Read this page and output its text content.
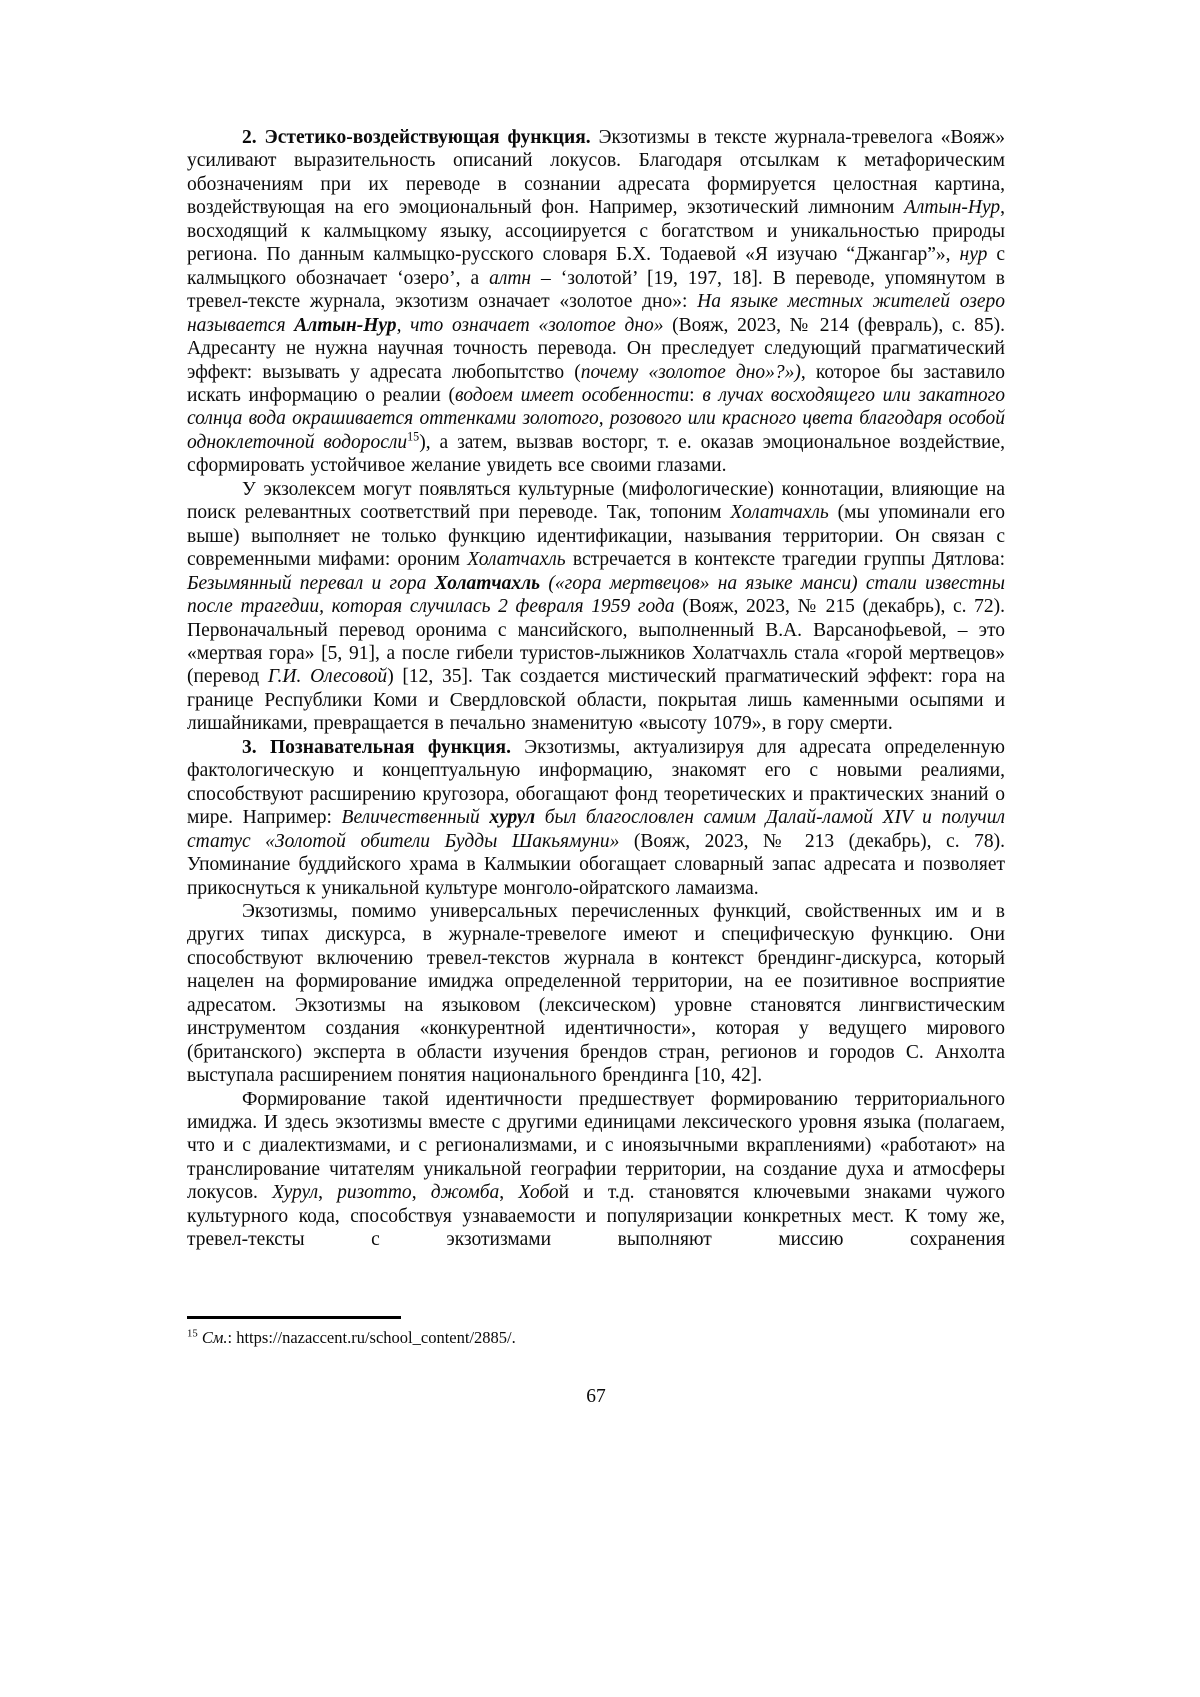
2. Эстетико-воздействующая функция. Экзотизмы в тексте журнала-тревелога «Вояж» усиливают выразительность описаний локусов. Благодаря отсылкам к метафорическим обозначениям при их переводе в сознании адресата формируется целостная картина, воздействующая на его эмоциональный фон. Например, экзотический лимноним Алтын-Нур, восходящий к калмыцкому языку, ассоциируется с богатством и уникальностью природы региона. По данным калмыцко-русского словаря Б.Х. Тодаевой «Я изучаю “Джангар”», нур с калмыцкого обозначает ‘озеро’, а алтн – ‘золотой’ [19, 197, 18]. В переводе, упомянутом в тревел-тексте журнала, экзотизм означает «золотое дно»: На языке местных жителей озеро называется Алтын-Нур, что означает «золотое дно» (Вояж, 2023, № 214 (февраль), с. 85). Адресанту не нужна научная точность перевода. Он преследует следующий прагматический эффект: вызывать у адресата любопытство (почему «золотое дно»?»), которое бы заставило искать информацию о реалии (водоем имеет особенности: в лучах восходящего или закатного солнца вода окрашивается оттенками золотого, розового или красного цвета благодаря особой одноклеточной водоросли$^{15}$), а затем, вызвав восторг, т. е. оказав эмоциональное воздействие, сформировать устойчивое желание увидеть все своими глазами.

У экзолексем могут появляться культурные (мифологические) коннотации, влияющие на поиск релевантных соответствий при переводе. Так, топоним Холатчахль (мы упоминали его выше) выполняет не только функцию идентификации, называния территории. Он связан с современными мифами: ороним Холатчахль встречается в контексте трагедии группы Дятлова: Безымянный перевал и гора Холатчахль («гора мертвецов» на языке манси) стали известны после трагедии, которая случилась 2 февраля 1959 года (Вояж, 2023, № 215 (декабрь), с. 72). Первоначальный перевод оронима с мансийского, выполненный В.А. Варсанофьевой, – это «мертвая гора» [5, 91], а после гибели туристов-лыжников Холатчахль стала «горой мертвецов» (перевод Г.И. Олесовой) [12, 35]. Так создается мистический прагматический эффект: гора на границе Республики Коми и Свердловской области, покрытая лишь каменными осыпями и лишайниками, превращается в печально знаменитую «высоту 1079», в гору смерти.

3. Познавательная функция. Экзотизмы, актуализируя для адресата определенную фактологическую и концептуальную информацию, знакомят его с новыми реалиями, способствуют расширению кругозора, обогащают фонд теоретических и практических знаний о мире. Например: Величественный хурул был благословлен самим Далай-ламой XIV и получил статус «Золотой обители Будды Шакьямуни» (Вояж, 2023, № 213 (декабрь), с. 78). Упоминание буддийского храма в Калмыкии обогащает словарный запас адресата и позволяет прикоснуться к уникальной культуре монголо-ойратского ламаизма.

Экзотизмы, помимо универсальных перечисленных функций, свойственных им и в других типах дискурса, в журнале-тревелоге имеют и специфическую функцию. Они способствуют включению тревел-текстов журнала в контекст брендинг-дискурса, который нацелен на формирование имиджа определенной территории, на ее позитивное восприятие адресатом. Экзотизмы на языковом (лексическом) уровне становятся лингвистическим инструментом создания «конкурентной идентичности», которая у ведущего мирового (британского) эксперта в области изучения брендов стран, регионов и городов С. Анхолта выступала расширением понятия национального брендинга [10, 42].

Формирование такой идентичности предшествует формированию территориального имиджа. И здесь экзотизмы вместе с другими единицами лексического уровня языка (полагаем, что и с диалектизмами, и с регионализмами, и с иноязычными вкраплениями) «работают» на транслирование читателям уникальной географии территории, на создание духа и атмосферы локусов. Хурул, ризотто, джомба, Хобой и т.д. становятся ключевыми знаками чужого культурного кода, способствуя узнаваемости и популяризации конкретных мест. К тому же, тревел-тексты с экзотизмами выполняют миссию сохранения

$^{15}$ См.: https://nazaccent.ru/school_content/2885/.
67
